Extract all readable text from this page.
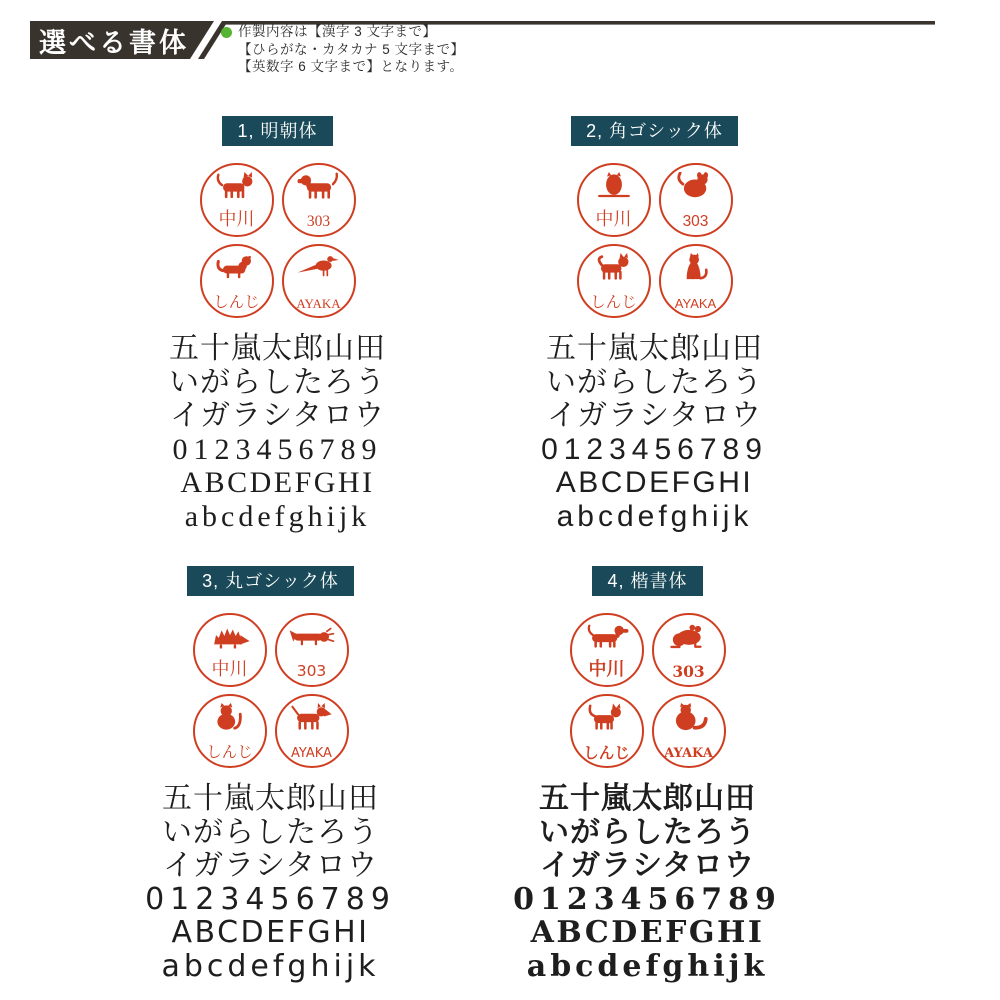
選べる書体	作製内容は【漢字 3 文字まで】
【ひらがな・カタカナ 5 文字まで】
【英数字 6 文字まで】となります。
1, 明朝体
中川	303
しんじ	AYAKA
五十嵐太郎山田
いがらしたろう
イガラシタロウ
0123456789
ABCDEFGHI
abcdefghijk
2, 角ゴシック体
中川	303
しんじ	AYAKA
五十嵐太郎山田
いがらしたろう
イガラシタロウ
0123456789
ABCDEFGHI
abcdefghijk
3, 丸ゴシック体
中川	303
しんじ	AYAKA
五十嵐太郎山田
いがらしたろう
イガラシタロウ
0123456789
ABCDEFGHI
abcdefghijk
4, 楷書体
中川	303
しんじ	AYAKA
五十嵐太郎山田
いがらしたろう
イガラシタロウ
0123456789
ABCDEFGHI
abcdefghijk
